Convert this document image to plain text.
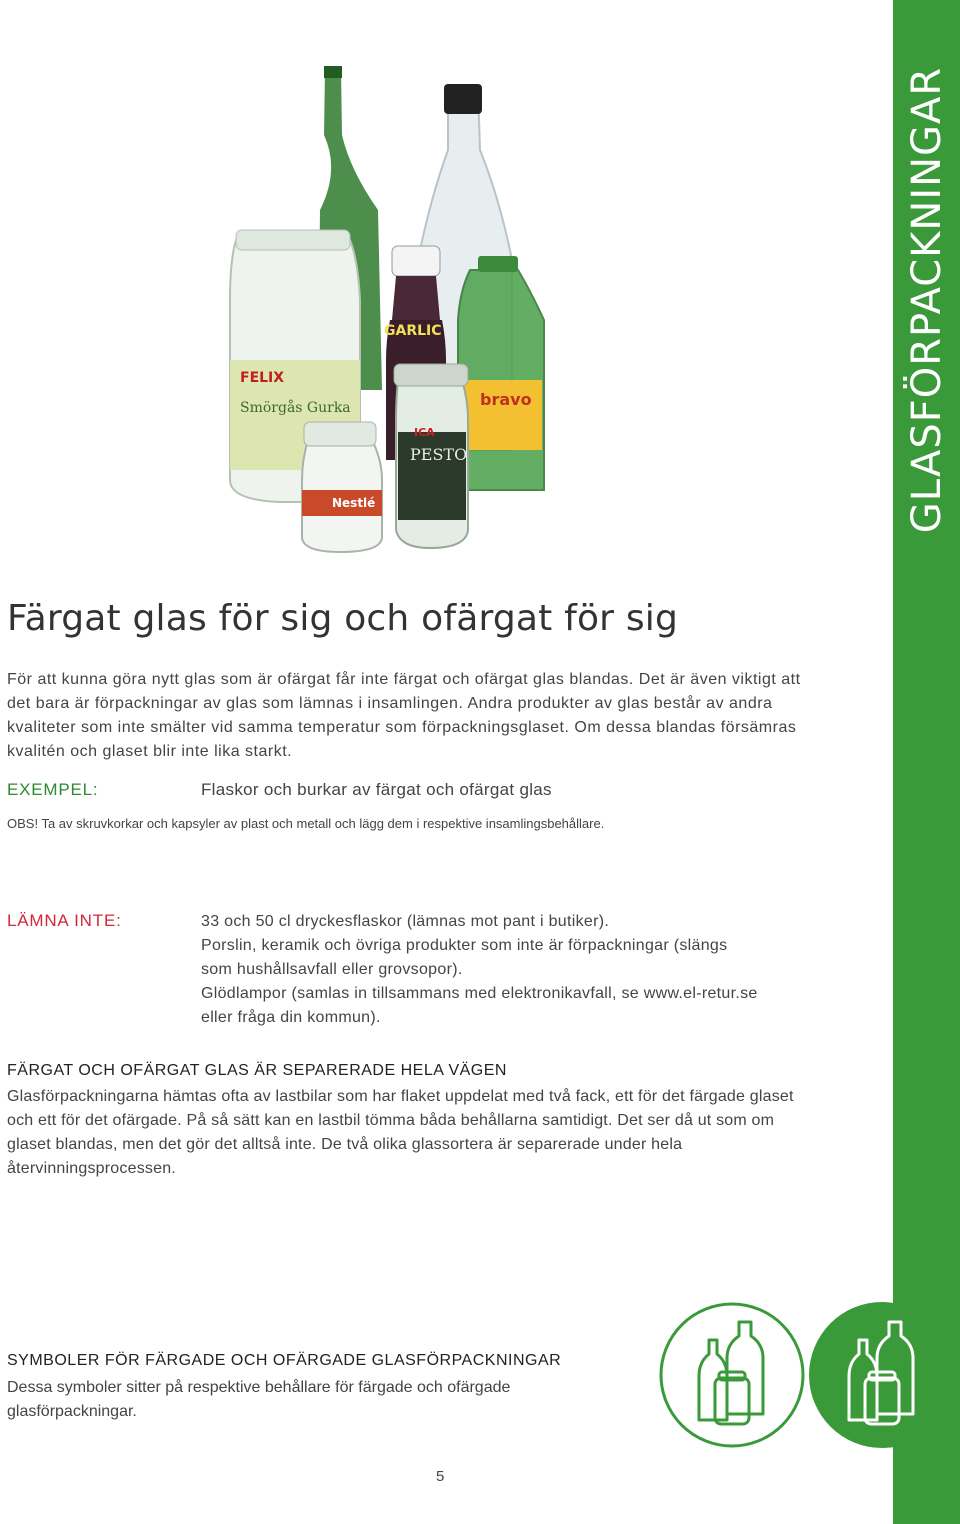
GLASFÖRPACKNINGAR
bravo
FELIX
Smörgås Gurka
GARLIC
PESTO
ICA
Nestlé
Färgat glas för sig och ofärgat för sig

För att kunna göra nytt glas som är ofärgat får inte färgat och ofärgat glas blandas. Det är även viktigt att det bara är förpackningar av glas som lämnas i insamlingen. Andra produkter av glas består av andra kvaliteter som inte smälter vid samma temperatur som förpackningsglaset. Om dessa blandas försämras kvalitén och glaset blir inte lika starkt.

EXEMPEL:	Flaskor och burkar av färgat och ofärgat glas
OBS! Ta av skruvkorkar och kapsyler av plast och metall och lägg dem i respektive insamlingsbehållare.
LÄMNA INTE:	33 och 50 cl dryckesflaskor (lämnas mot pant i butiker).
Porslin, keramik och övriga produkter som inte är förpackningar (slängs som hushållsavfall eller grovsopor).
Glödlampor (samlas in tillsammans med elektronikavfall, se www.el-retur.se eller fråga din kommun).
FÄRGAT OCH OFÄRGAT GLAS ÄR SEPARERADE HELA VÄGEN
Glasförpackningarna hämtas ofta av lastbilar som har flaket uppdelat med två fack, ett för det färgade glaset och ett för det ofärgade. På så sätt kan en lastbil tömma båda behållarna samtidigt. Det ser då ut som om glaset blandas, men det gör det alltså inte. De två olika glassortera är separerade under hela återvinningsprocessen.
SYMBOLER FÖR FÄRGADE OCH OFÄRGADE GLASFÖRPACKNINGAR
Dessa symboler sitter på respektive behållare för färgade och ofärgade glasförpackningar.
5
